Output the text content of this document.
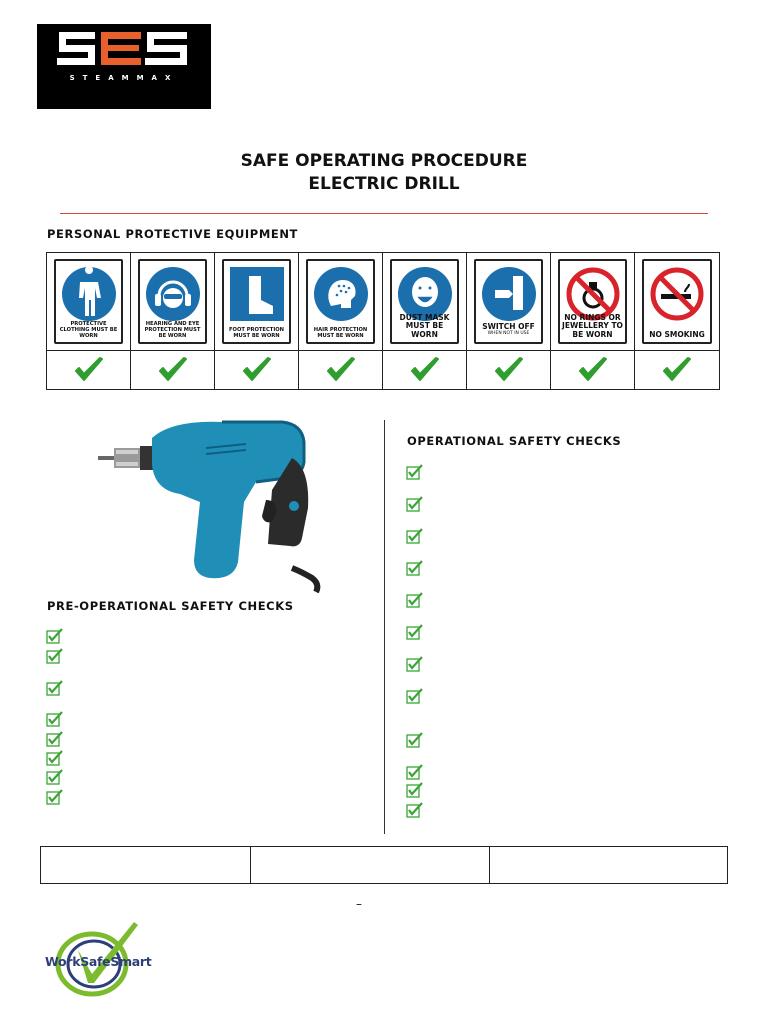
STEAMMAX
SAFE OPERATING PROCEDURE
ELECTRIC DRILL
PERSONAL PROTECTIVE EQUIPMENT
PROTECTIVE CLOTHING MUST BE WORN
HEARING AND EYE PROTECTION MUST BE WORN
FOOT PROTECTION MUST BE WORN
HAIR PROTECTION MUST BE WORN
DUST MASK MUST BE WORN
SWITCH OFF
WHEN NOT IN USE
NO RINGS OR JEWELLERY TO BE WORN	NO SMOKING
PRE-OPERATIONAL SAFETY CHECKS
OPERATIONAL SAFETY CHECKS
–
WorkSafeSmart
